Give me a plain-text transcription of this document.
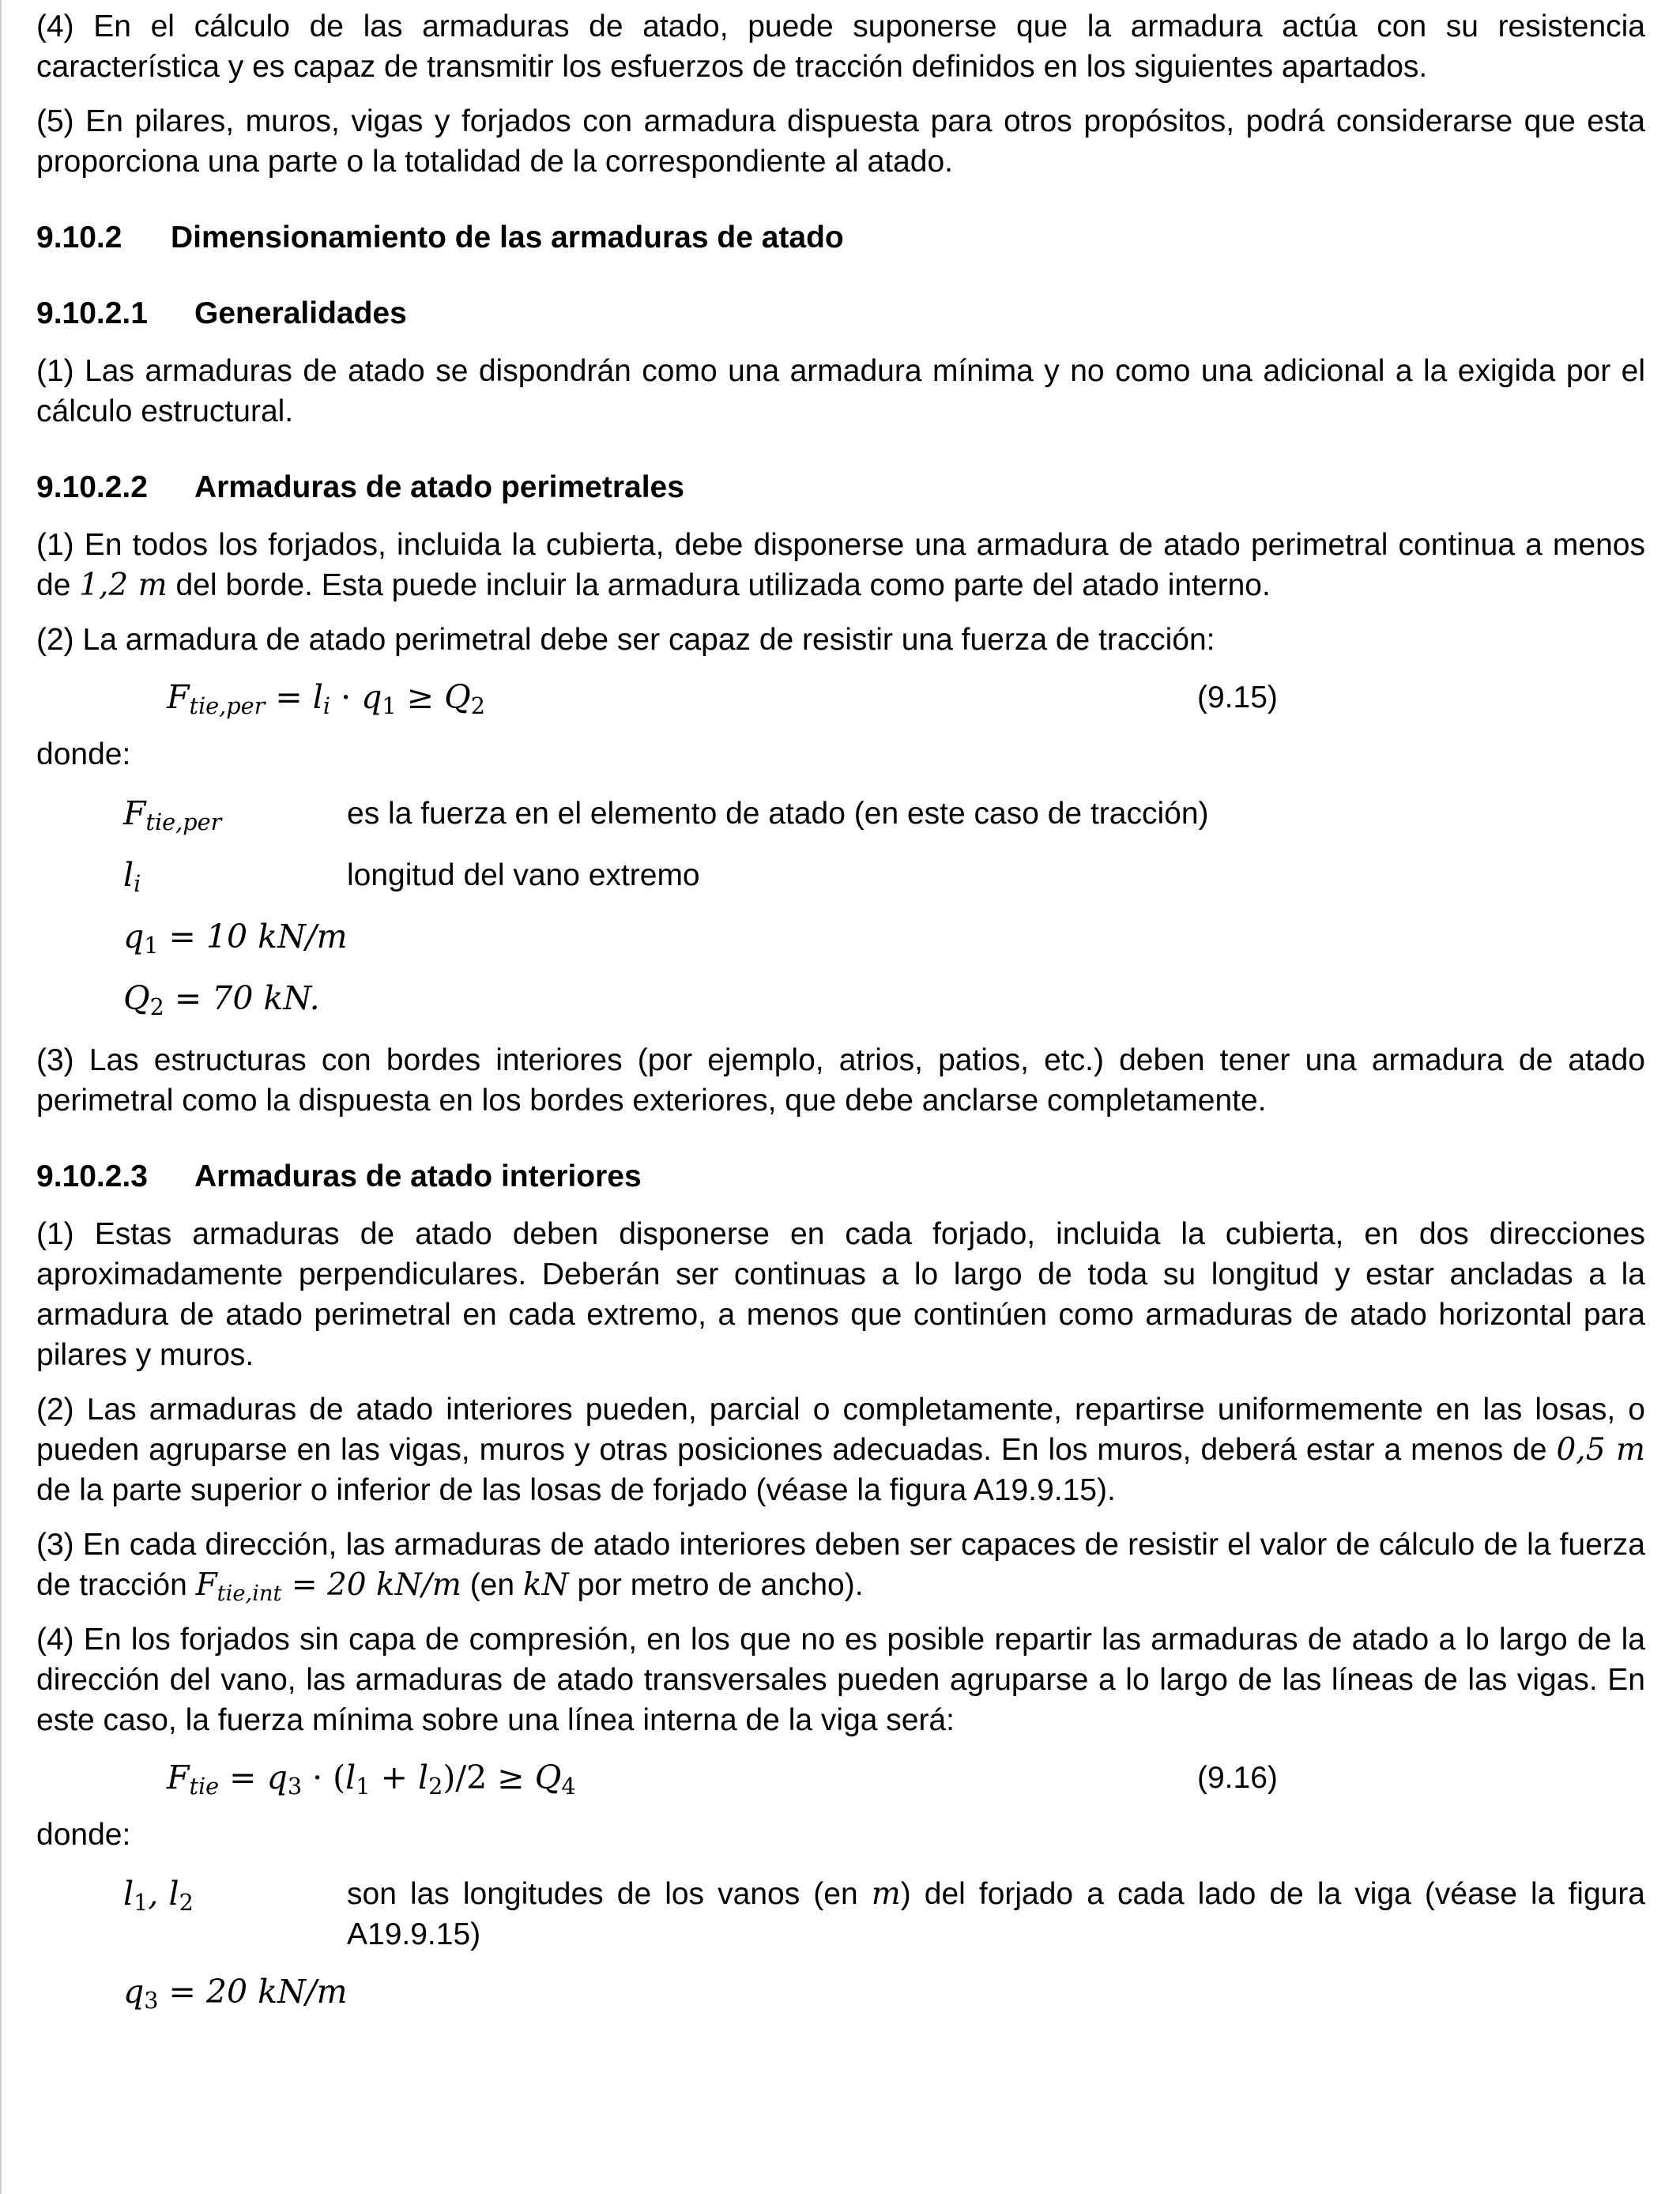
(4) En el cálculo de las armaduras de atado, puede suponerse que la armadura actúa con su resistencia característica y es capaz de transmitir los esfuerzos de tracción definidos en los siguientes apartados.

(5) En pilares, muros, vigas y forjados con armadura dispuesta para otros propósitos, podrá considerarse que esta proporciona una parte o la totalidad de la correspondiente al atado.

9.10.2 Dimensionamiento de las armaduras de atado
9.10.2.1 Generalidades

(1) Las armaduras de atado se dispondrán como una armadura mínima y no como una adicional a la exigida por el cálculo estructural.

9.10.2.2 Armaduras de atado perimetrales

(1) En todos los forjados, incluida la cubierta, debe disponerse una armadura de atado perimetral continua a menos de 1,2 m del borde. Esta puede incluir la armadura utilizada como parte del atado interno.

(2) La armadura de atado perimetral debe ser capaz de resistir una fuerza de tracción:

$F_{tie,per} = l_i \cdot q_1 \ge Q_2$	(9.15)
donde:
$F_{tie,per}$	es la fuerza en el elemento de atado (en este caso de tracción)
$l_i$	longitud del vano extremo
$q_1 = 10$ kN/m
$Q_2 = 70$ kN.

(3) Las estructuras con bordes interiores (por ejemplo, atrios, patios, etc.) deben tener una armadura de atado perimetral como la dispuesta en los bordes exteriores, que debe anclarse completamente.

9.10.2.3 Armaduras de atado interiores

(1) Estas armaduras de atado deben disponerse en cada forjado, incluida la cubierta, en dos direcciones aproximadamente perpendiculares. Deberán ser continuas a lo largo de toda su longitud y estar ancladas a la armadura de atado perimetral en cada extremo, a menos que continúen como armaduras de atado horizontal para pilares y muros.

(2) Las armaduras de atado interiores pueden, parcial o completamente, repartirse uniformemente en las losas, o pueden agruparse en las vigas, muros y otras posiciones adecuadas. En los muros, deberá estar a menos de 0,5 m de la parte superior o inferior de las losas de forjado (véase la figura A19.9.15).

(3) En cada dirección, las armaduras de atado interiores deben ser capaces de resistir el valor de cálculo de la fuerza de tracción $F_{tie,int} = 20$ kN/m (en kN por metro de ancho).

(4) En los forjados sin capa de compresión, en los que no es posible repartir las armaduras de atado a lo largo de la dirección del vano, las armaduras de atado transversales pueden agruparse a lo largo de las líneas de las vigas. En este caso, la fuerza mínima sobre una línea interna de la viga será:

$F_{tie} = q_3 \cdot (l_1 + l_2)/2 \ge Q_4$	(9.16)
donde:
$l_1$, $l_2$	son las longitudes de los vanos (en m) del forjado a cada lado de la viga (véase la figura A19.9.15)
$q_3 = 20$ kN/m
